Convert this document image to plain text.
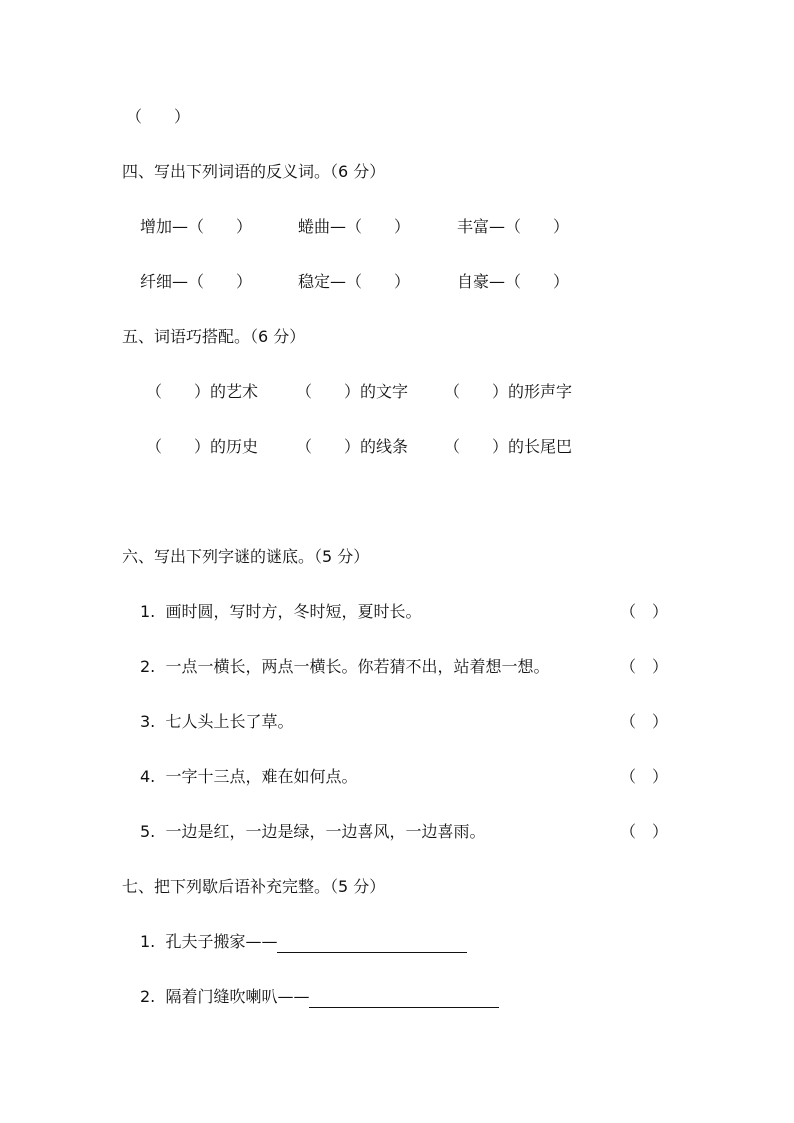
（　　）
四、写出下列词语的反义词。（6 分）
增加—（　　）	蜷曲—（　　）	丰富—（　　）
纤细—（　　）	稳定—（　　）	自豪—（　　）
五、词语巧搭配。（6 分）
（　　）的艺术 （　　）的文字 （　　）的形声字
（　　）的历史 （　　）的线条 （　　）的长尾巴
六、写出下列字谜的谜底。（5 分）
1.  画时圆，写时方，冬时短，夏时长。	（　）
2.  一点一横长，两点一横长。你若猜不出，站着想一想。	（　）
3.  七人头上长了草。	（　）
4.  一字十三点，难在如何点。	（　）
5.  一边是红，一边是绿，一边喜风，一边喜雨。	（　）
七、把下列歇后语补充完整。（5 分）
1.  孔夫子搬家——
2.  隔着门缝吹喇叭——
